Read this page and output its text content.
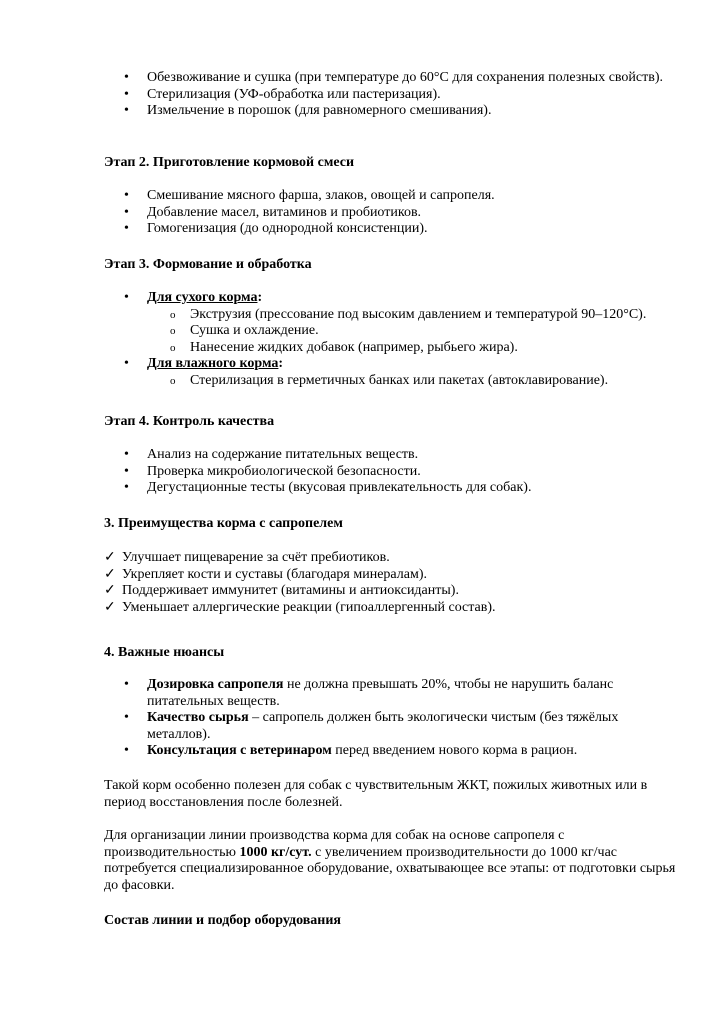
• Обезвоживание и сушка (при температуре до 60°C для сохранения полезных свойств).
• Стерилизация (УФ-обработка или пастеризация).
• Измельчение в порошок (для равномерного смешивания).
Этап 2. Приготовление кормовой смеси
• Смешивание мясного фарша, злаков, овощей и сапропеля.
• Добавление масел, витаминов и пробиотиков.
• Гомогенизация (до однородной консистенции).
Этап 3. Формование и обработка
• Для сухого корма:
o Экструзия (прессование под высоким давлением и температурой 90–120°C).
o Сушка и охлаждение.
o Нанесение жидких добавок (например, рыбьего жира).
• Для влажного корма:
o Стерилизация в герметичных банках или пакетах (автоклавирование).
Этап 4. Контроль качества
• Анализ на содержание питательных веществ.
• Проверка микробиологической безопасности.
• Дегустационные тесты (вкусовая привлекательность для собак).
3. Преимущества корма с сапропелем
✓ Улучшает пищеварение за счёт пребиотиков.
✓ Укрепляет кости и суставы (благодаря минералам).
✓ Поддерживает иммунитет (витамины и антиоксиданты).
✓ Уменьшает аллергические реакции (гипоаллергенный состав).
4. Важные нюансы
• Дозировка сапропеля не должна превышать 20%, чтобы не нарушить баланс питательных веществ.
• Качество сырья – сапропель должен быть экологически чистым (без тяжёлых металлов).
• Консультация с ветеринаром перед введением нового корма в рацион.

Такой корм особенно полезен для собак с чувствительным ЖКТ, пожилых животных или в период восстановления после болезней.

Для организации линии производства корма для собак на основе сапропеля с производительностью 1000 кг/сут. с увеличением производительности до 1000 кг/час потребуется специализированное оборудование, охватывающее все этапы: от подготовки сырья до фасовки.

Состав линии и подбор оборудования
